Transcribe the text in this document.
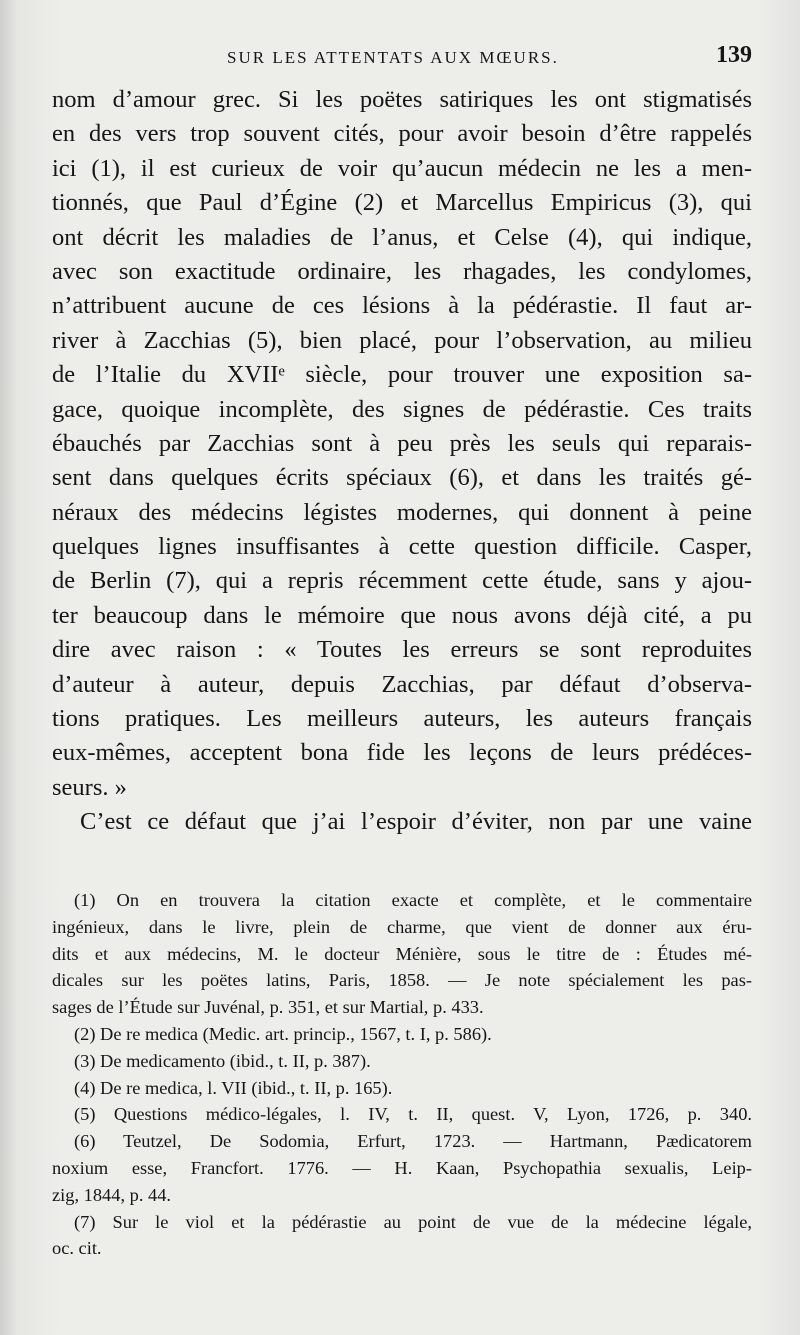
SUR LES ATTENTATS AUX MŒURS.	139
nom d’amour grec. Si les poëtes satiriques les ont stigmatisés
en des vers trop souvent cités, pour avoir besoin d’être rappelés
ici (1), il est curieux de voir qu’aucun médecin ne les a men-
tionnés, que Paul d’Égine (2) et Marcellus Empiricus (3), qui
ont décrit les maladies de l’anus, et Celse (4), qui indique,
avec son exactitude ordinaire, les rhagades, les condylomes,
n’attribuent aucune de ces lésions à la pédérastie. Il faut ar-
river à Zacchias (5), bien placé, pour l’observation, au milieu
de l’Italie du XVIIᵉ siècle, pour trouver une exposition sa-
gace, quoique incomplète, des signes de pédérastie. Ces traits
ébauchés par Zacchias sont à peu près les seuls qui reparais-
sent dans quelques écrits spéciaux (6), et dans les traités gé-
néraux des médecins légistes modernes, qui donnent à peine
quelques lignes insuffisantes à cette question difficile. Casper,
de Berlin (7), qui a repris récemment cette étude, sans y ajou-
ter beaucoup dans le mémoire que nous avons déjà cité, a pu
dire avec raison : « Toutes les erreurs se sont reproduites
d’auteur à auteur, depuis Zacchias, par défaut d’observa-
tions pratiques. Les meilleurs auteurs, les auteurs français
eux-mêmes, acceptent bona fide les leçons de leurs prédéces-
seurs. »
C’est ce défaut que j’ai l’espoir d’éviter, non par une vaine
(1) On en trouvera la citation exacte et complète, et le commentaire
ingénieux, dans le livre, plein de charme, que vient de donner aux éru-
dits et aux médecins, M. le docteur Ménière, sous le titre de : Études mé-
dicales sur les poëtes latins, Paris, 1858. — Je note spécialement les pas-
sages de l’Étude sur Juvénal, p. 351, et sur Martial, p. 433.
(2) De re medica (Medic. art. princip., 1567, t. I, p. 586).
(3) De medicamento (ibid., t. II, p. 387).
(4) De re medica, l. VII (ibid., t. II, p. 165).
(5) Questions médico-légales, l. IV, t. II, quest. V, Lyon, 1726, p. 340.
(6) Teutzel, De Sodomia, Erfurt, 1723. — Hartmann, Pædicatorem
noxium esse, Francfort. 1776. — H. Kaan, Psychopathia sexualis, Leip-
zig, 1844, p. 44.
(7) Sur le viol et la pédérastie au point de vue de la médecine légale,
oc. cit.
